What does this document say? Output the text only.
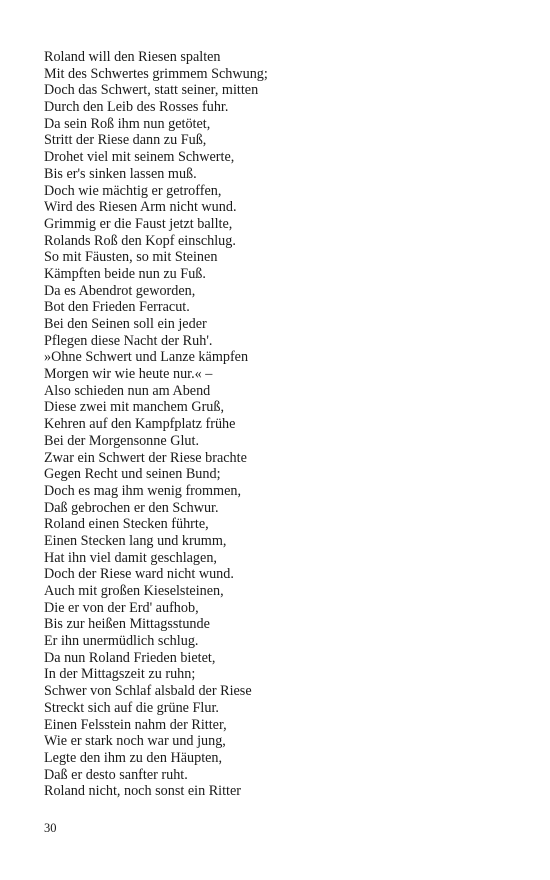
Roland will den Riesen spalten
Mit des Schwertes grimmem Schwung;
Doch das Schwert, statt seiner, mitten
Durch den Leib des Rosses fuhr.
Da sein Roß ihm nun getötet,
Stritt der Riese dann zu Fuß,
Drohet viel mit seinem Schwerte,
Bis er's sinken lassen muß.
Doch wie mächtig er getroffen,
Wird des Riesen Arm nicht wund.
Grimmig er die Faust jetzt ballte,
Rolands Roß den Kopf einschlug.
So mit Fäusten, so mit Steinen
Kämpften beide nun zu Fuß.
Da es Abendrot geworden,
Bot den Frieden Ferracut.
Bei den Seinen soll ein jeder
Pflegen diese Nacht der Ruh'.
»Ohne Schwert und Lanze kämpfen
Morgen wir wie heute nur.« –
Also schieden nun am Abend
Diese zwei mit manchem Gruß,
Kehren auf den Kampfplatz frühe
Bei der Morgensonne Glut.
Zwar ein Schwert der Riese brachte
Gegen Recht und seinen Bund;
Doch es mag ihm wenig frommen,
Daß gebrochen er den Schwur.
Roland einen Stecken führte,
Einen Stecken lang und krumm,
Hat ihn viel damit geschlagen,
Doch der Riese ward nicht wund.
Auch mit großen Kieselsteinen,
Die er von der Erd' aufhob,
Bis zur heißen Mittagsstunde
Er ihn unermüdlich schlug.
Da nun Roland Frieden bietet,
In der Mittagszeit zu ruhn;
Schwer von Schlaf alsbald der Riese
Streckt sich auf die grüne Flur.
Einen Felsstein nahm der Ritter,
Wie er stark noch war und jung,
Legte den ihm zu den Häupten,
Daß er desto sanfter ruht.
Roland nicht, noch sonst ein Ritter
30
